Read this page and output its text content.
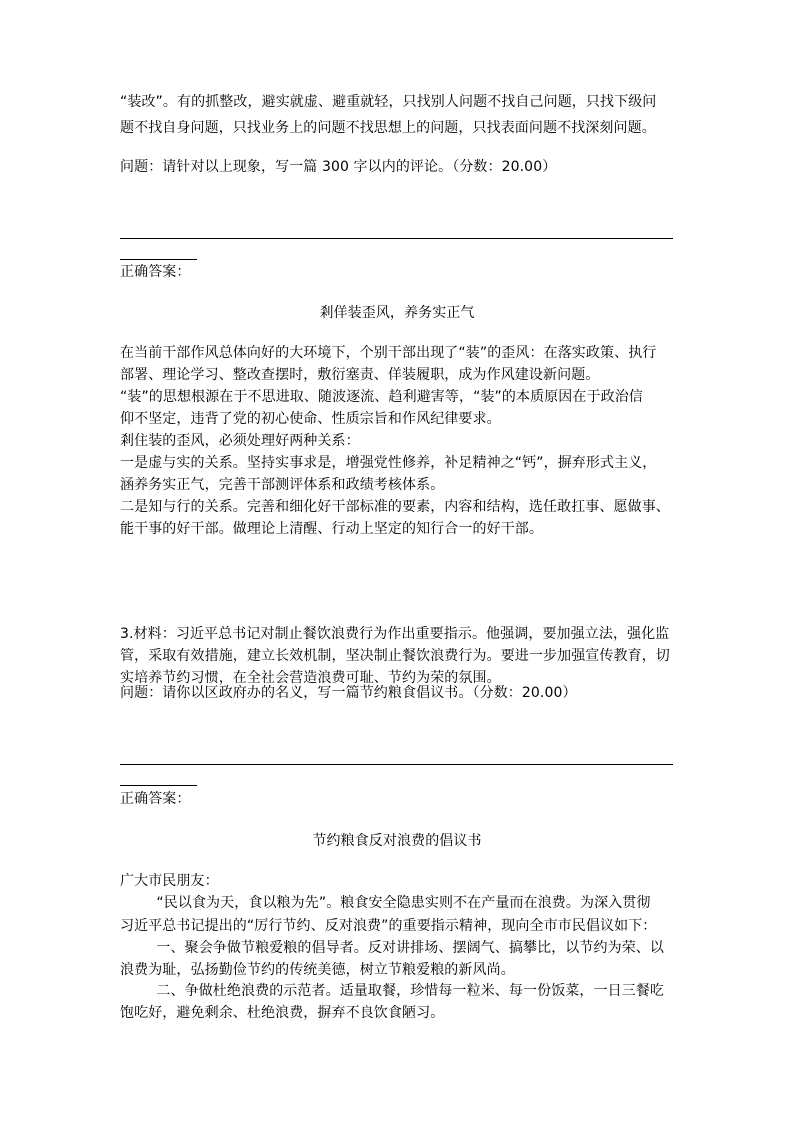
“装改”。有的抓整改，避实就虚、避重就轻，只找别人问题不找自己问题，只找下级问
题不找自身问题，只找业务上的问题不找思想上的问题，只找表面问题不找深刻问题。
问题：请针对以上现象，写一篇 300 字以内的评论。（分数：20.00）
正确答案：
剎佯装歪风，养务实正气
在当前干部作风总体向好的大环境下，个别干部出现了“装”的歪风：在落实政策、执行
部署、理论学习、整改查摆时，敷衍塞责、佯装履职，成为作风建设新问题。
“装”的思想根源在于不思进取、随波逐流、趋利避害等，“装”的本质原因在于政治信
仰不坚定，违背了党的初心使命、性质宗旨和作风纪律要求。
剎住装的歪风，必须处理好两种关系：
一是虚与实的关系。坚持实事求是，增强党性修养，补足精神之“钙”，摒弃形式主义，
涵养务实正气，完善干部测评体系和政绩考核体系。
二是知与行的关系。完善和细化好干部标准的要素，内容和结构，选任敢扛事、愿做事、
能干事的好干部。做理论上清醒、行动上坚定的知行合一的好干部。
3.材料：习近平总书记对制止餐饮浪费行为作出重要指示。他强调，要加强立法，强化监
管，采取有效措施，建立长效机制，坚决制止餐饮浪费行为。要进一步加强宣传教育，切
实培养节约习惯，在全社会营造浪费可耻、节约为荣的氛围。
问题：请你以区政府办的名义，写一篇节约粮食倡议书。（分数：20.00）
正确答案：
节约粮食反对浪费的倡议书
广大市民朋友：
“民以食为天，食以粮为先”。粮食安全隐患实则不在产量而在浪费。为深入贯彻
习近平总书记提出的“厉行节约、反对浪费”的重要指示精神，现向全市市民倡议如下：
一、聚会争做节粮爱粮的倡导者。反对讲排场、摆阔气、搞攀比，以节约为荣、以
浪费为耻，弘扬勤俭节约的传统美德，树立节粮爱粮的新风尚。
二、争做杜绝浪费的示范者。适量取餐，珍惜每一粒米、每一份饭菜，一日三餐吃
饱吃好，避免剩余、杜绝浪费，摒弃不良饮食陋习。
